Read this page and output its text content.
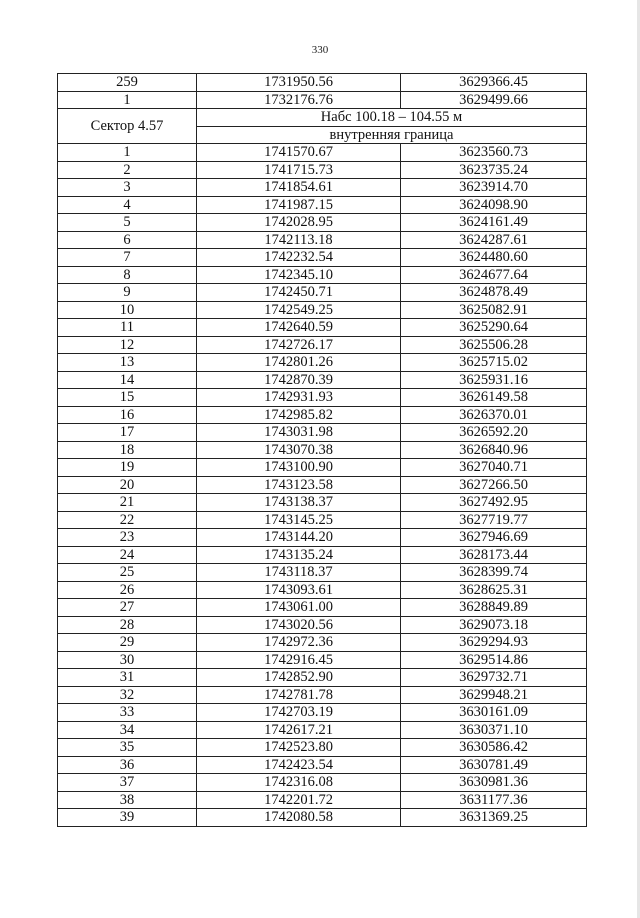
330
259	1731950.56	3629366.45
1	1732176.76	3629499.66
Сектор 4.57	Набс 100.18 – 104.55 м	
	внутренняя граница	
1	1741570.67	3623560.73
2	1741715.73	3623735.24
3	1741854.61	3623914.70
4	1741987.15	3624098.90
5	1742028.95	3624161.49
6	1742113.18	3624287.61
7	1742232.54	3624480.60
8	1742345.10	3624677.64
9	1742450.71	3624878.49
10	1742549.25	3625082.91
11	1742640.59	3625290.64
12	1742726.17	3625506.28
13	1742801.26	3625715.02
14	1742870.39	3625931.16
15	1742931.93	3626149.58
16	1742985.82	3626370.01
17	1743031.98	3626592.20
18	1743070.38	3626840.96
19	1743100.90	3627040.71
20	1743123.58	3627266.50
21	1743138.37	3627492.95
22	1743145.25	3627719.77
23	1743144.20	3627946.69
24	1743135.24	3628173.44
25	1743118.37	3628399.74
26	1743093.61	3628625.31
27	1743061.00	3628849.89
28	1743020.56	3629073.18
29	1742972.36	3629294.93
30	1742916.45	3629514.86
31	1742852.90	3629732.71
32	1742781.78	3629948.21
33	1742703.19	3630161.09
34	1742617.21	3630371.10
35	1742523.80	3630586.42
36	1742423.54	3630781.49
37	1742316.08	3630981.36
38	1742201.72	3631177.36
39	1742080.58	3631369.25
